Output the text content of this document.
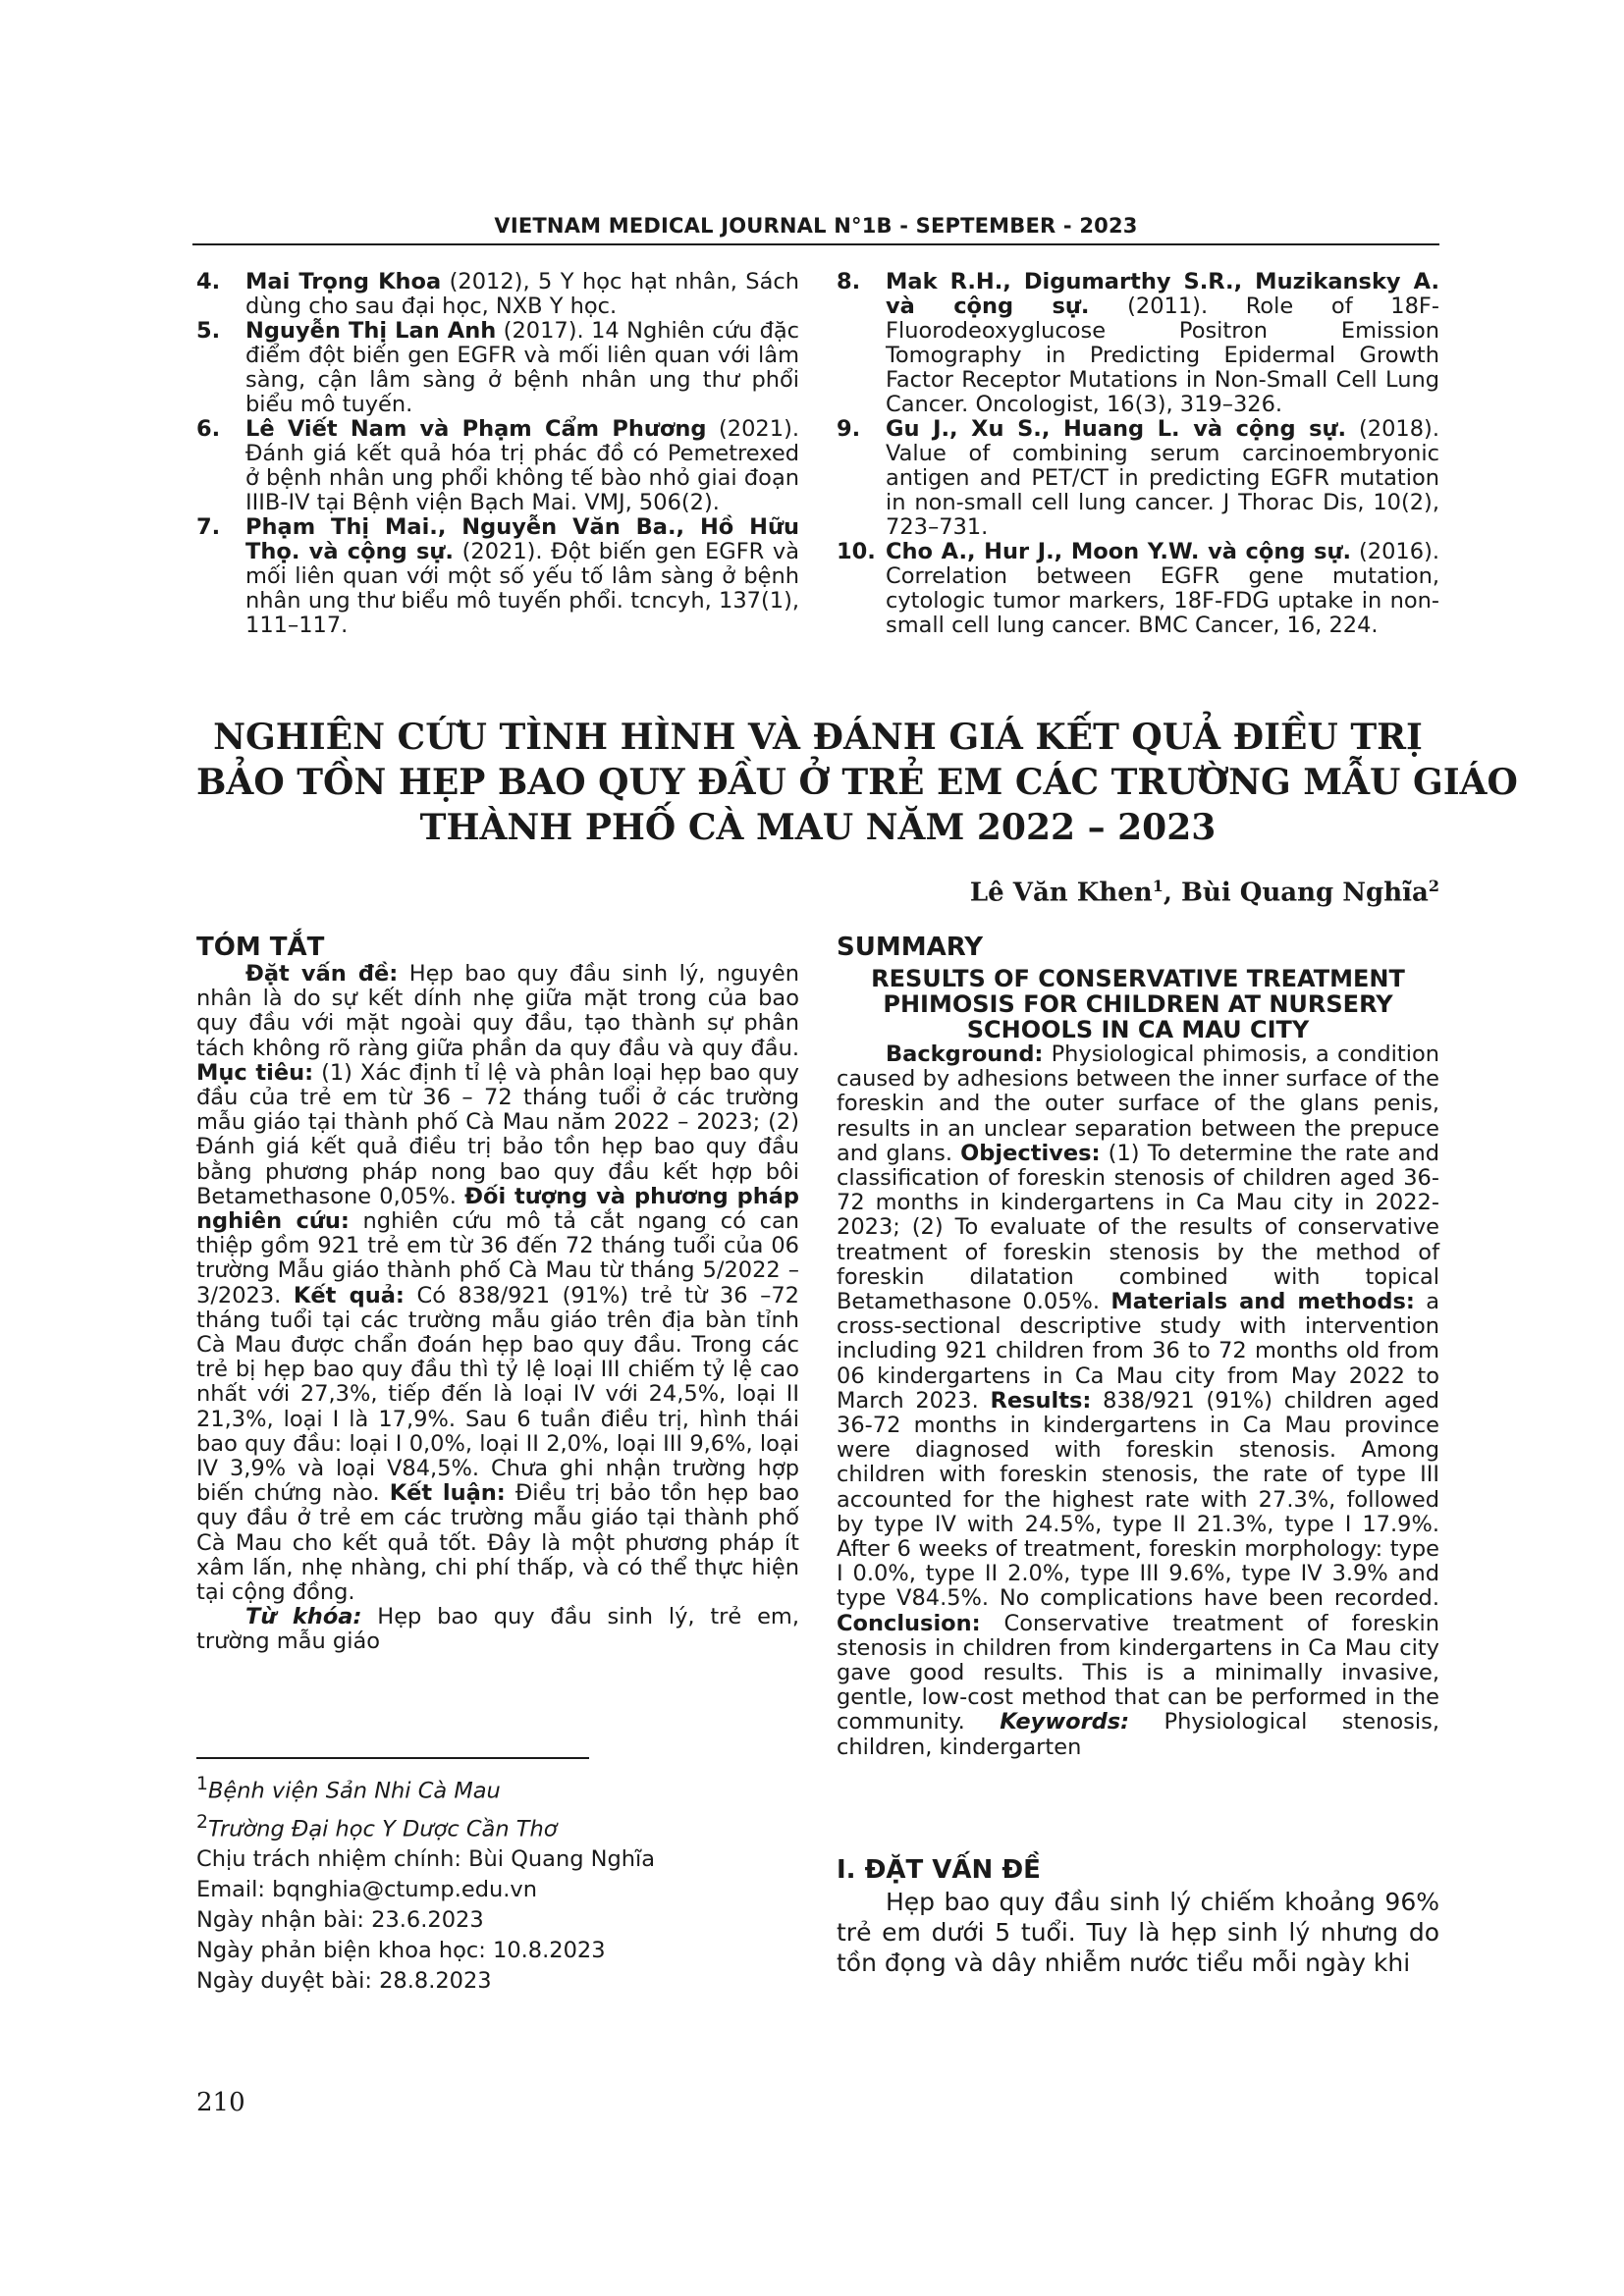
VIETNAM MEDICAL JOURNAL N°1B - SEPTEMBER - 2023

4. Mai Trọng Khoa (2012), 5 Y học hạt nhân, Sách dùng cho sau đại học, NXB Y học.

5. Nguyễn Thị Lan Anh (2017). 14 Nghiên cứu đặc điểm đột biến gen EGFR và mối liên quan với lâm sàng, cận lâm sàng ở bệnh nhân ung thư phổi biểu mô tuyến.

6. Lê Viết Nam và Phạm Cẩm Phương (2021). Đánh giá kết quả hóa trị phác đồ có Pemetrexed ở bệnh nhân ung phổi không tế bào nhỏ giai đoạn IIIB-IV tại Bệnh viện Bạch Mai. VMJ, 506(2).

7. Phạm Thị Mai., Nguyễn Văn Ba., Hồ Hữu Thọ. và cộng sự. (2021). Đột biến gen EGFR và mối liên quan với một số yếu tố lâm sàng ở bệnh nhân ung thư biểu mô tuyến phổi. tcncyh, 137(1), 111–117.

8. Mak R.H., Digumarthy S.R., Muzikansky A. và cộng sự. (2011). Role of 18F-Fluorodeoxyglucose Positron Emission Tomography in Predicting Epidermal Growth Factor Receptor Mutations in Non-Small Cell Lung Cancer. Oncologist, 16(3), 319–326.

9. Gu J., Xu S., Huang L. và cộng sự. (2018). Value of combining serum carcinoembryonic antigen and PET/CT in predicting EGFR mutation in non-small cell lung cancer. J Thorac Dis, 10(2), 723–731.

10. Cho A., Hur J., Moon Y.W. và cộng sự. (2016). Correlation between EGFR gene mutation, cytologic tumor markers, 18F-FDG uptake in non-small cell lung cancer. BMC Cancer, 16, 224.

NGHIÊN CỨU TÌNH HÌNH VÀ ĐÁNH GIÁ KẾT QUẢ ĐIỀU TRỊ
BẢO TỒN HẸP BAO QUY ĐẦU Ở TRẺ EM CÁC TRƯỜNG MẪU GIÁO
THÀNH PHỐ CÀ MAU NĂM 2022 – 2023
Lê Văn Khen$^1$, Bùi Quang Nghĩa$^2$

TÓM TẮT

Đặt vấn đề: Hẹp bao quy đầu sinh lý, nguyên nhân là do sự kết dính nhẹ giữa mặt trong của bao quy đầu với mặt ngoài quy đầu, tạo thành sự phân tách không rõ ràng giữa phần da quy đầu và quy đầu. Mục tiêu: (1) Xác định tỉ lệ và phân loại hẹp bao quy đầu của trẻ em từ 36 – 72 tháng tuổi ở các trường mẫu giáo tại thành phố Cà Mau năm 2022 – 2023; (2) Đánh giá kết quả điều trị bảo tồn hẹp bao quy đầu bằng phương pháp nong bao quy đầu kết hợp bôi Betamethasone 0,05%. Đối tượng và phương pháp nghiên cứu: nghiên cứu mô tả cắt ngang có can thiệp gồm 921 trẻ em từ 36 đến 72 tháng tuổi của 06 trường Mẫu giáo thành phố Cà Mau từ tháng 5/2022 – 3/2023. Kết quả: Có 838/921 (91%) trẻ từ 36 –72 tháng tuổi tại các trường mẫu giáo trên địa bàn tỉnh Cà Mau được chẩn đoán hẹp bao quy đầu. Trong các trẻ bị hẹp bao quy đầu thì tỷ lệ loại III chiếm tỷ lệ cao nhất với 27,3%, tiếp đến là loại IV với 24,5%, loại II 21,3%, loại I là 17,9%. Sau 6 tuần điều trị, hình thái bao quy đầu: loại I 0,0%, loại II 2,0%, loại III 9,6%, loại IV 3,9% và loại V84,5%. Chưa ghi nhận trường hợp biến chứng nào. Kết luận: Điều trị bảo tồn hẹp bao quy đầu ở trẻ em các trường mẫu giáo tại thành phố Cà Mau cho kết quả tốt. Đây là một phương pháp ít xâm lấn, nhẹ nhàng, chi phí thấp, và có thể thực hiện tại cộng đồng.

Từ khóa: Hẹp bao quy đầu sinh lý, trẻ em, trường mẫu giáo

SUMMARY

RESULTS OF CONSERVATIVE TREATMENT
PHIMOSIS FOR CHILDREN AT NURSERY
SCHOOLS IN CA MAU CITY

Background: Physiological phimosis, a condition caused by adhesions between the inner surface of the foreskin and the outer surface of the glans penis, results in an unclear separation between the prepuce and glans. Objectives: (1) To determine the rate and classification of foreskin stenosis of children aged 36-72 months in kindergartens in Ca Mau city in 2022-2023; (2) To evaluate of the results of conservative treatment of foreskin stenosis by the method of foreskin dilatation combined with topical Betamethasone 0.05%. Materials and methods: a cross-sectional descriptive study with intervention including 921 children from 36 to 72 months old from 06 kindergartens in Ca Mau city from May 2022 to March 2023. Results: 838/921 (91%) children aged 36-72 months in kindergartens in Ca Mau province were diagnosed with foreskin stenosis. Among children with foreskin stenosis, the rate of type III accounted for the highest rate with 27.3%, followed by type IV with 24.5%, type II 21.3%, type I 17.9%. After 6 weeks of treatment, foreskin morphology: type I 0.0%, type II 2.0%, type III 9.6%, type IV 3.9% and type V84.5%. No complications have been recorded. Conclusion: Conservative treatment of foreskin stenosis in children from kindergartens in Ca Mau city gave good results. This is a minimally invasive, gentle, low-cost method that can be performed in the community. Keywords: Physiological stenosis, children, kindergarten

$^1$Bệnh viện Sản Nhi Cà Mau
$^2$Trường Đại học Y Dược Cần Thơ
Chịu trách nhiệm chính: Bùi Quang Nghĩa
Email: bqnghia@ctump.edu.vn
Ngày nhận bài: 23.6.2023
Ngày phản biện khoa học: 10.8.2023
Ngày duyệt bài: 28.8.2023

I. ĐẶT VẤN ĐỀ

Hẹp bao quy đầu sinh lý chiếm khoảng 96% trẻ em dưới 5 tuổi. Tuy là hẹp sinh lý nhưng do tồn đọng và dây nhiễm nước tiểu mỗi ngày khi

210
